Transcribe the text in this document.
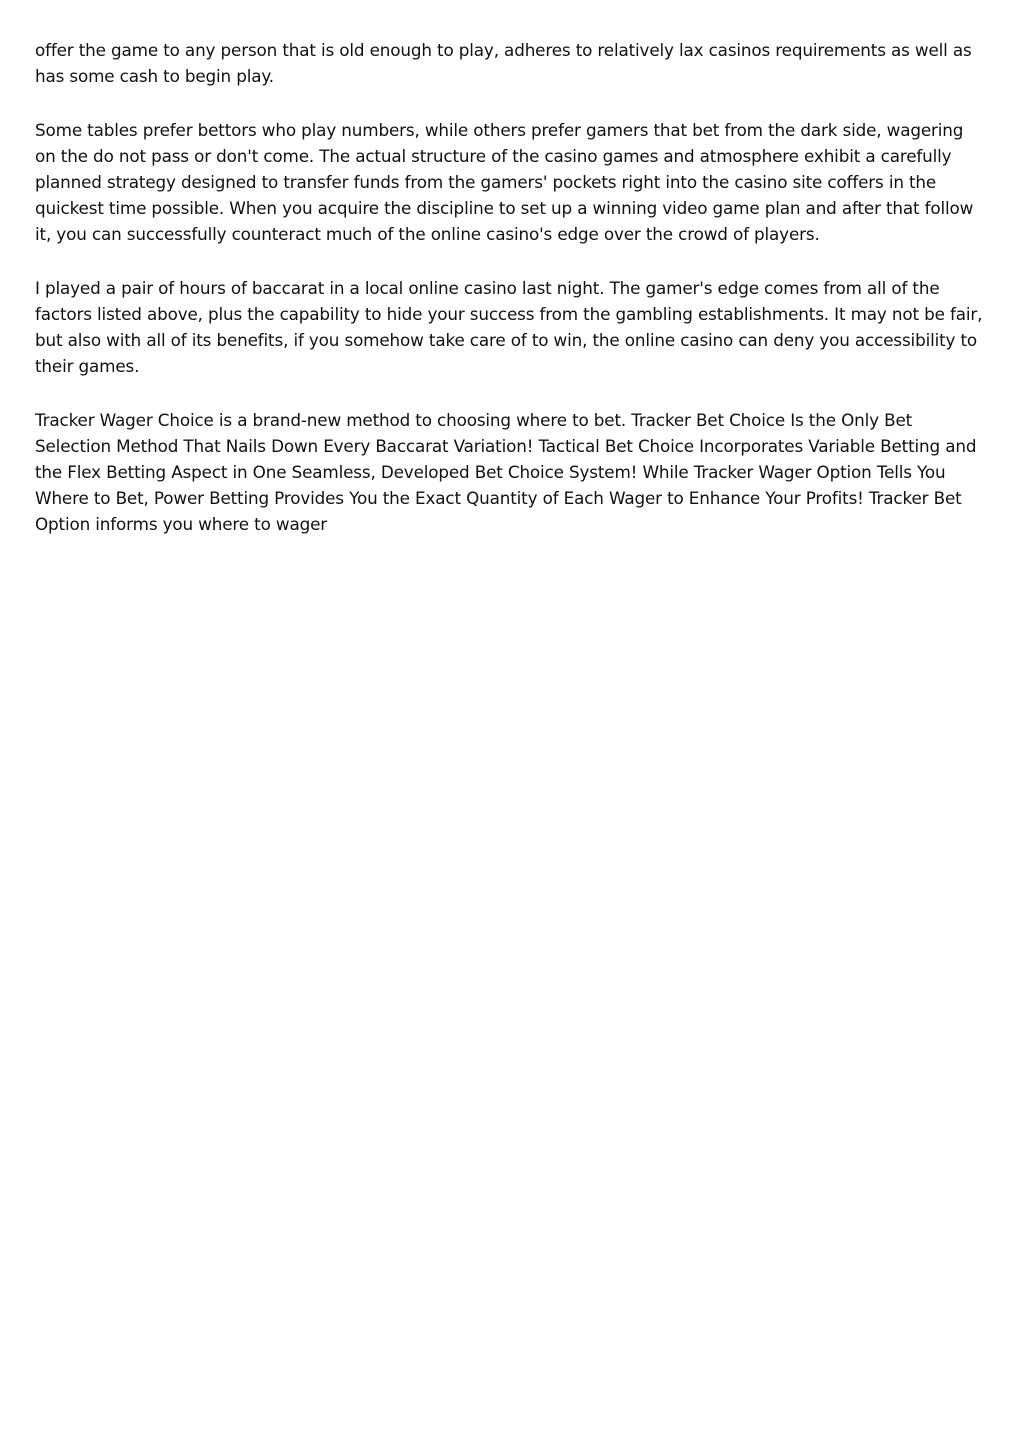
offer the game to any person that is old enough to play, adheres to relatively lax casinos requirements as well as has some cash to begin play.

Some tables prefer bettors who play numbers, while others prefer gamers that bet from the dark side, wagering on the do not pass or don't come. The actual structure of the casino games and atmosphere exhibit a carefully planned strategy designed to transfer funds from the gamers' pockets right into the casino site coffers in the quickest time possible. When you acquire the discipline to set up a winning video game plan and after that follow it, you can successfully counteract much of the online casino's edge over the crowd of players.

I played a pair of hours of baccarat in a local online casino last night. The gamer's edge comes from all of the factors listed above, plus the capability to hide your success from the gambling establishments. It may not be fair, but also with all of its benefits, if you somehow take care of to win, the online casino can deny you accessibility to their games.

Tracker Wager Choice is a brand-new method to choosing where to bet. Tracker Bet Choice Is the Only Bet Selection Method That Nails Down Every Baccarat Variation! Tactical Bet Choice Incorporates Variable Betting and the Flex Betting Aspect in One Seamless, Developed Bet Choice System! While Tracker Wager Option Tells You Where to Bet, Power Betting Provides You the Exact Quantity of Each Wager to Enhance Your Profits! Tracker Bet Option informs you where to wager
